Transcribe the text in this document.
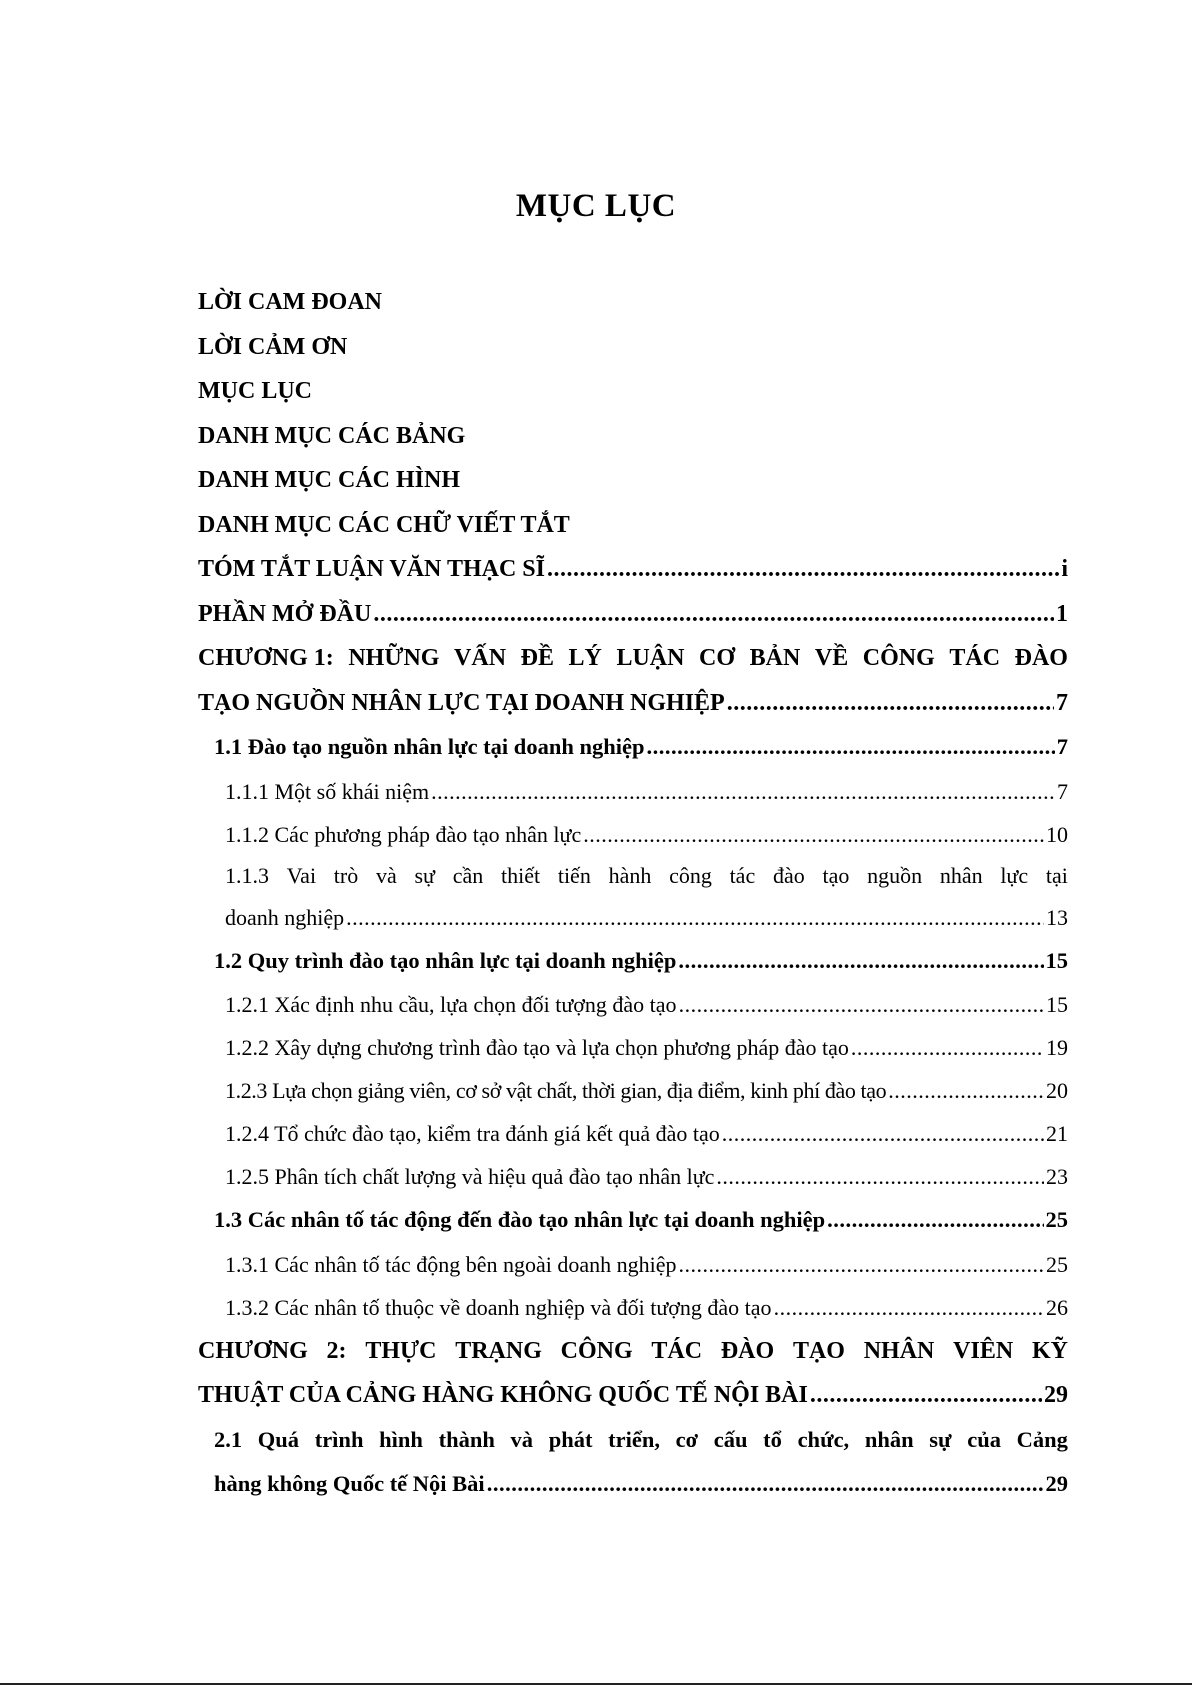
MỤC LỤC
LỜI CAM ĐOAN
LỜI CẢM ƠN
MỤC LỤC
DANH MỤC CÁC BẢNG
DANH MỤC CÁC HÌNH
DANH MỤC CÁC CHỮ VIẾT TẮT
TÓM TẮT LUẬN VĂN THẠC SĨ .....	i
PHẦN MỞ ĐẦU .....	1
CHƯƠNG 1: NHỮNG VẤN ĐỀ LÝ LUẬN CƠ BẢN VỀ CÔNG TÁC ĐÀO
TẠO NGUỒN NHÂN LỰC TẠI DOANH NGHIỆP .....	7
1.1 Đào tạo nguồn nhân lực tại doanh nghiệp .....	7
1.1.1 Một số khái niệm .....	7
1.1.2 Các phương pháp đào tạo nhân lực .....	10
1.1.3 Vai trò và sự cần thiết tiến hành công tác đào tạo nguồn nhân lực tại
doanh nghiệp .....	13
1.2 Quy trình đào tạo nhân lực tại doanh nghiệp .....	15
1.2.1 Xác định nhu cầu, lựa chọn đối tượng đào tạo .....	15
1.2.2 Xây dựng chương trình đào tạo và lựa chọn phương pháp đào tạo .....	19
1.2.3 Lựa chọn giảng viên, cơ sở vật chất, thời gian, địa điểm, kinh phí đào tạo .....	20
1.2.4 Tổ chức đào tạo, kiểm tra đánh giá kết quả đào tạo .....	21
1.2.5 Phân tích chất lượng và hiệu quả đào tạo nhân lực .....	23
1.3 Các nhân tố tác động đến đào tạo nhân lực tại doanh nghiệp .....	25
1.3.1 Các nhân tố tác động bên ngoài doanh nghiệp .....	25
1.3.2 Các nhân tố thuộc về doanh nghiệp và đối tượng đào tạo .....	26
CHƯƠNG 2: THỰC TRẠNG CÔNG TÁC ĐÀO TẠO NHÂN VIÊN KỸ
THUẬT CỦA CẢNG HÀNG KHÔNG QUỐC TẾ NỘI BÀI .....	29
2.1 Quá trình hình thành và phát triển, cơ cấu tổ chức, nhân sự của Cảng
hàng không Quốc tế Nội Bài .....	29
